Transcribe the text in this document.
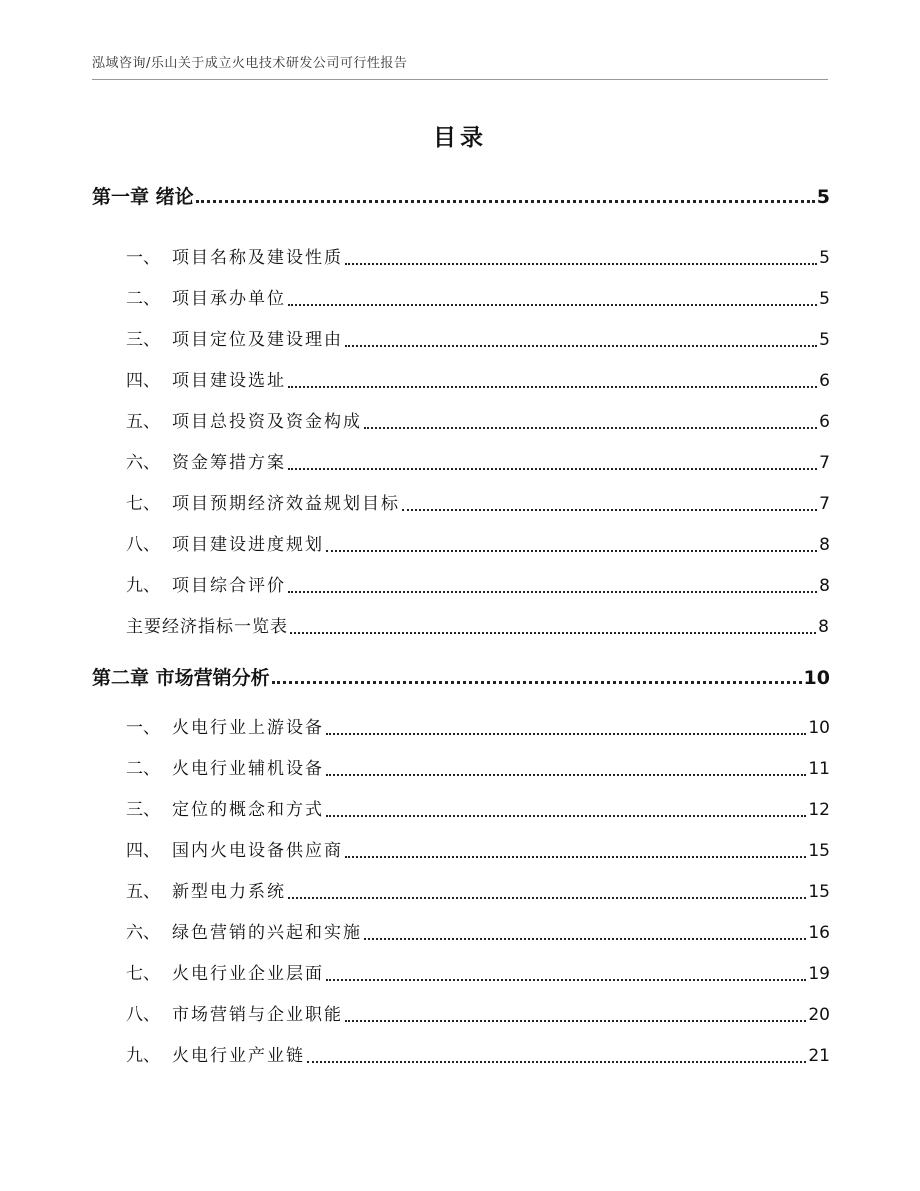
泓域咨询/乐山关于成立火电技术研发公司可行性报告
目录
第一章 绪论	5
一、 项目名称及建设性质	5
二、 项目承办单位	5
三、 项目定位及建设理由	5
四、 项目建设选址	6
五、 项目总投资及资金构成	6
六、 资金筹措方案	7
七、 项目预期经济效益规划目标	7
八、 项目建设进度规划	8
九、 项目综合评价	8
主要经济指标一览表	8
第二章 市场营销分析	10
一、 火电行业上游设备	10
二、 火电行业辅机设备	11
三、 定位的概念和方式	12
四、 国内火电设备供应商	15
五、 新型电力系统	15
六、 绿色营销的兴起和实施	16
七、 火电行业企业层面	19
八、 市场营销与企业职能	20
九、 火电行业产业链	21
